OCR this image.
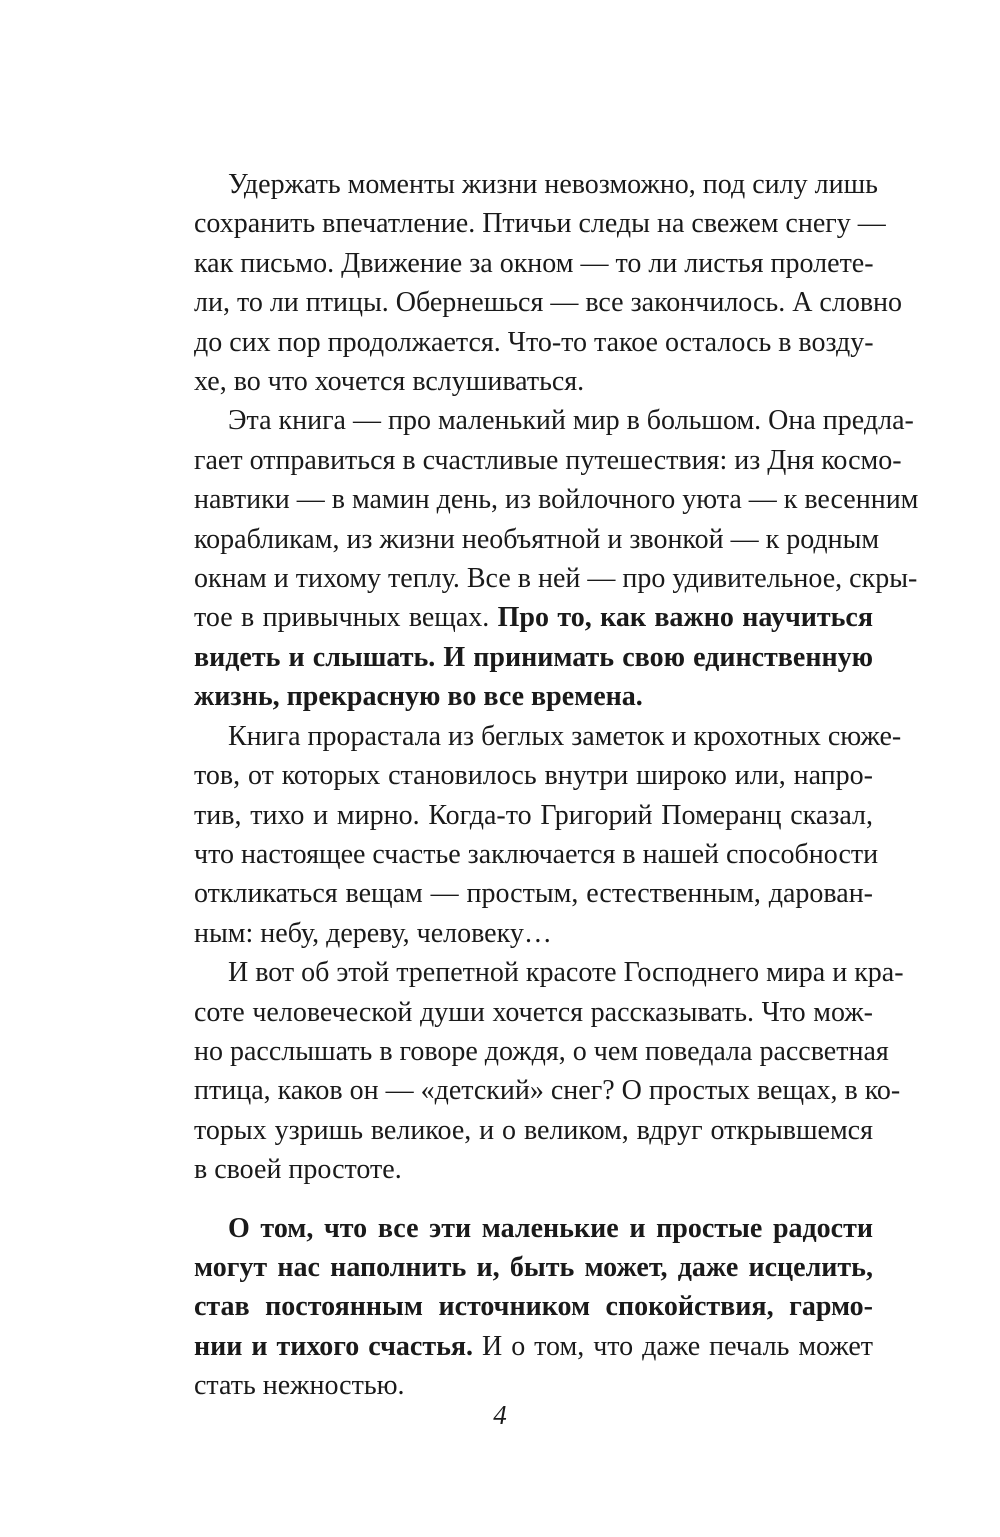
Удержать моменты жизни невозможно, под силу лишь
сохранить впечатление. Птичьи следы на свежем снегу —
как письмо. Движение за окном — то ли листья пролете-
ли, то ли птицы. Обернешься — все закончилось. А словно
до сих пор продолжается. Что-то такое осталось в возду-
хе, во что хочется вслушиваться.
Эта книга — про маленький мир в большом. Она предла-
гает отправиться в счастливые путешествия: из Дня космо-
навтики — в мамин день, из войлочного уюта — к весенним
корабликам, из жизни необъятной и звонкой — к родным
окнам и тихому теплу. Все в ней — про удивительное, скры-
тое в привычных вещах. Про то, как важно научиться
видеть и слышать. И принимать свою единственную
жизнь, прекрасную во все времена.
Книга прорастала из беглых заметок и крохотных сюже-
тов, от которых становилось внутри широко или, напро-
тив, тихо и мирно. Когда-то Григорий Померанц сказал,
что настоящее счастье заключается в нашей способности
откликаться вещам — простым, естественным, дарован-
ным: небу, дереву, человеку…
И вот об этой трепетной красоте Господнего мира и кра-
соте человеческой души хочется рассказывать. Что мож-
но расслышать в говоре дождя, о чем поведала рассветная
птица, каков он — «детский» снег? О простых вещах, в ко-
торых узришь великое, и о великом, вдруг открывшемся
в своей простоте.
О том, что все эти маленькие и простые радости
могут нас наполнить и, быть может, даже исцелить,
став постоянным источником спокойствия, гармо-
нии и тихого счастья. И о том, что даже печаль может
стать нежностью.
4
